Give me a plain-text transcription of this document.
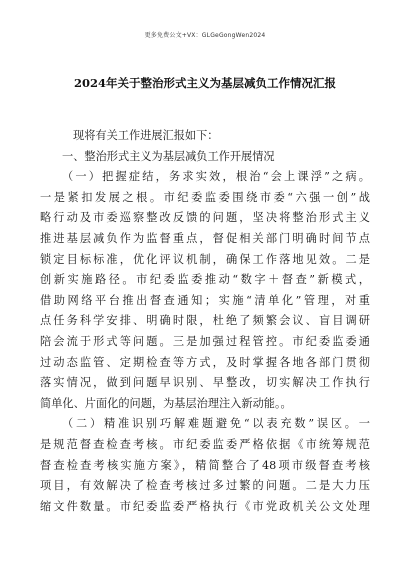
更多免费公文+VX：GLGeGongWen2024
2024年关于整治形式主义为基层减负工作情况汇报
现将有关工作进展汇报如下：
一、整治形式主义为基层减负工作开展情况
（一）把握症结，务求实效，根治“会上课浮”之病。
一是紧扣发展之根。市纪委监委围绕市委“六强一创”战
略行动及市委巡察整改反馈的问题，坚决将整治形式主义
推进基层减负作为监督重点，督促相关部门明确时间节点
锁定目标标准，优化评议机制，确保工作落地见效。二是
创新实施路径。市纪委监委推动“数字＋督查”新模式，
借助网络平台推出督查通知；实施“清单化”管理，对重
点任务科学安排、明确时限，杜绝了频繁会议、盲目调研
陪会流于形式等问题。三是加强过程管控。市纪委监委通
过动态监管、定期检查等方式，及时掌握各地各部门贯彻
落实情况，做到问题早识别、早整改，切实解决工作执行
简单化、片面化的问题，为基层治理注入新动能。。
（二）精准识别巧解难题避免“以表充数”误区。一
是规范督查检查考核。市纪委监委严格依据《市统筹规范
督查检查考核实施方案》，精简整合了48项市级督查考核
项目，有效解决了检查考核过多过繁的问题。二是大力压
缩文件数量。市纪委监委严格执行《市党政机关公文处理
